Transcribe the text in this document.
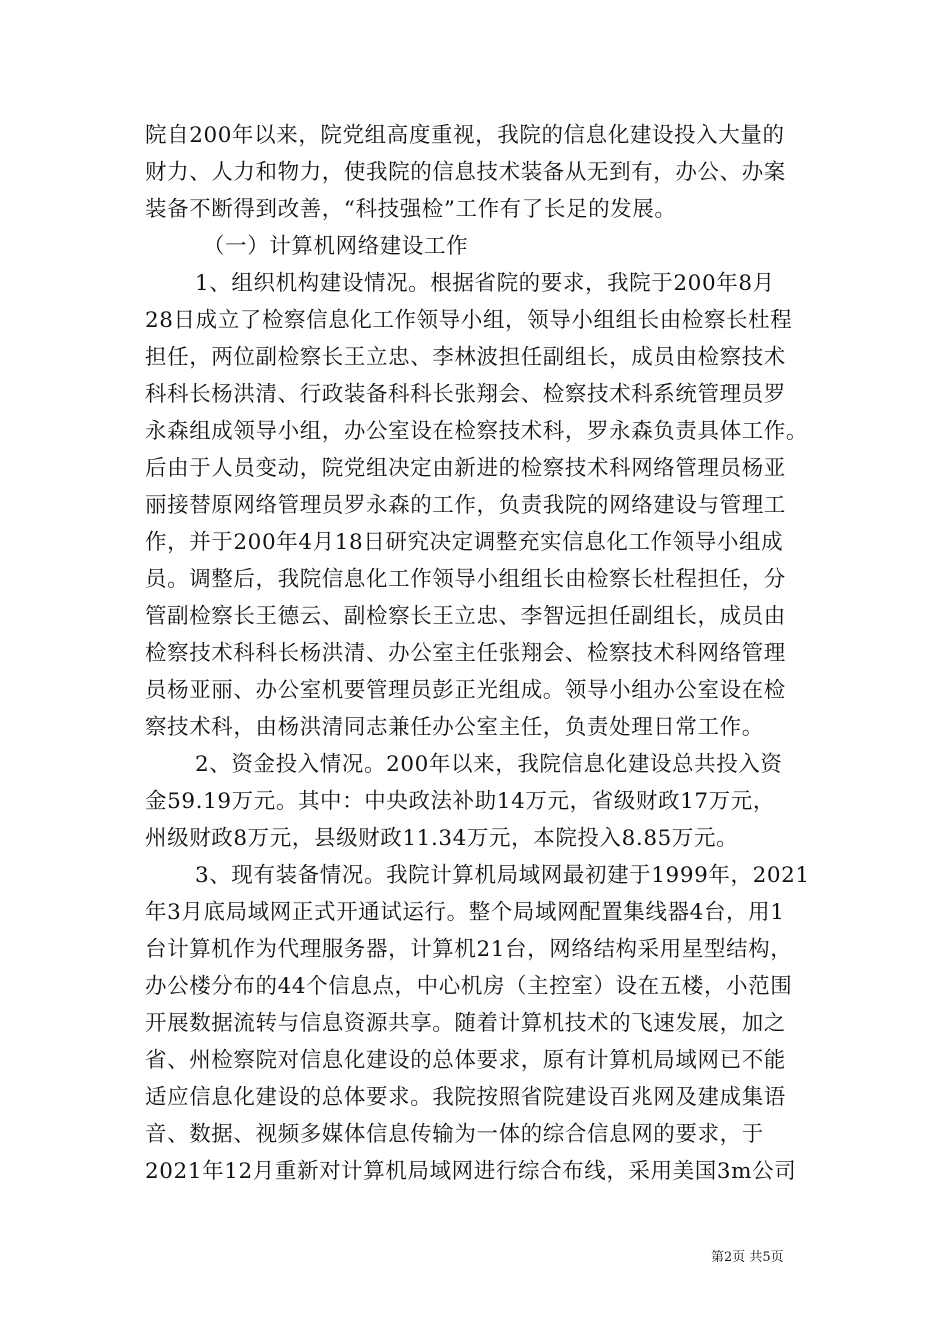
院自200年以来，院党组高度重视，我院的信息化建设投入大量的
财力、人力和物力，使我院的信息技术装备从无到有，办公、办案
装备不断得到改善，“科技强检”工作有了长足的发展。
（一）计算机网络建设工作
1、组织机构建设情况。根据省院的要求，我院于200年8月
28日成立了检察信息化工作领导小组，领导小组组长由检察长杜程
担任，两位副检察长王立忠、李林波担任副组长，成员由检察技术
科科长杨洪清、行政装备科科长张翔会、检察技术科系统管理员罗
永森组成领导小组，办公室设在检察技术科，罗永森负责具体工作。
后由于人员变动，院党组决定由新进的检察技术科网络管理员杨亚
丽接替原网络管理员罗永森的工作，负责我院的网络建设与管理工
作，并于200年4月18日研究决定调整充实信息化工作领导小组成
员。调整后，我院信息化工作领导小组组长由检察长杜程担任，分
管副检察长王德云、副检察长王立忠、李智远担任副组长，成员由
检察技术科科长杨洪清、办公室主任张翔会、检察技术科网络管理
员杨亚丽、办公室机要管理员彭正光组成。领导小组办公室设在检
察技术科，由杨洪清同志兼任办公室主任，负责处理日常工作。
2、资金投入情况。200年以来，我院信息化建设总共投入资
金59.19万元。其中：中央政法补助14万元，省级财政17万元，
州级财政8万元，县级财政11.34万元，本院投入8.85万元。
3、现有装备情况。我院计算机局域网最初建于1999年，2021
年3月底局域网正式开通试运行。整个局域网配置集线器4台，用1
台计算机作为代理服务器，计算机21台，网络结构采用星型结构，
办公楼分布的44个信息点，中心机房（主控室）设在五楼，小范围
开展数据流转与信息资源共享。随着计算机技术的飞速发展，加之
省、州检察院对信息化建设的总体要求，原有计算机局域网已不能
适应信息化建设的总体要求。我院按照省院建设百兆网及建成集语
音、数据、视频多媒体信息传输为一体的综合信息网的要求，于
2021年12月重新对计算机局域网进行综合布线，采用美国3m公司
第2页 共5页
